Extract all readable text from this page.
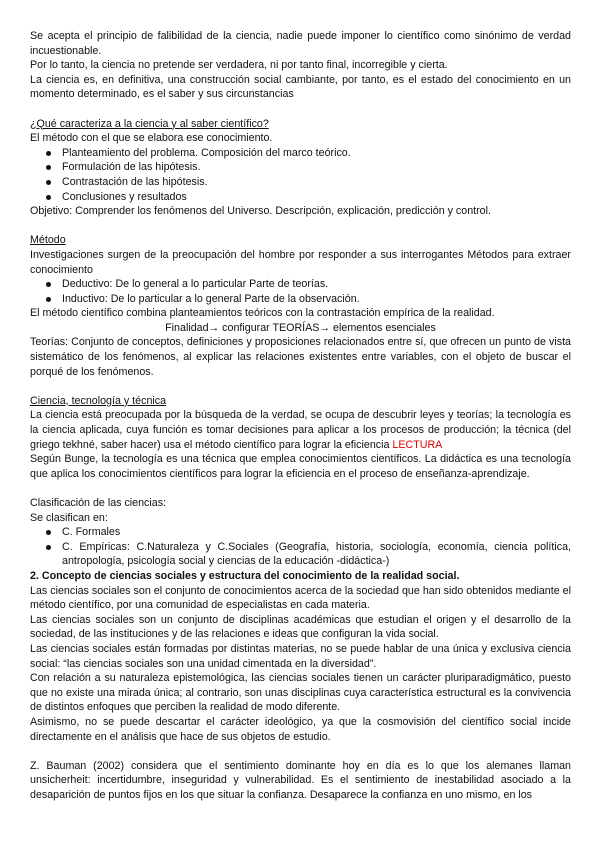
Se acepta el principio de falibilidad de la ciencia, nadie puede imponer lo científico como sinónimo de verdad incuestionable.

Por lo tanto, la ciencia no pretende ser verdadera, ni por tanto final, incorregible y cierta.

La ciencia es, en definitiva, una construcción social cambiante, por tanto, es el estado del conocimiento en un momento determinado, es el saber y sus circunstancias

¿Qué caracteriza a la ciencia y al saber científico?

El método con el que se elabora ese conocimiento.

Planteamiento del problema. Composición del marco teórico.
Formulación de las hipótesis.
Contrastación de las hipótesis.
Conclusiones y resultados

Objetivo: Comprender los fenómenos del Universo. Descripción, explicación, predicción y control.

Método

Investigaciones surgen de la preocupación del hombre por responder a sus interrogantes Métodos para extraer conocimiento

Deductivo: De lo general a lo particular Parte de teorías.
Inductivo: De lo particular a lo general Parte de la observación.

El método científico combina planteamientos teóricos con la contrastación empírica de la realidad.

Finalidad→ configurar TEORÍAS→ elementos esenciales

Teorías: Conjunto de conceptos, definiciones y proposiciones relacionados entre sí, que ofrecen un punto de vista sistemático de los fenómenos, al explicar las relaciones existentes entre variables, con el objeto de buscar el porqué de los fenómenos.

Ciencia, tecnología y técnica

La ciencia está preocupada por la búsqueda de la verdad, se ocupa de descubrir leyes y teorías; la tecnología es la ciencia aplicada, cuya función es tomar decisiones para aplicar a los procesos de producción; la técnica (del griego tekhné, saber hacer) usa el método científico para lograr la eficiencia LECTURA

Según Bunge, la tecnología es una técnica que emplea conocimientos científicos. La didáctica es una tecnología que aplica los conocimientos científicos para lograr la eficiencia en el proceso de enseñanza-aprendizaje.

Clasificación de las ciencias:

Se clasifican en:

C. Formales
C. Empíricas: C.Naturaleza y C.Sociales (Geografía, historia, sociología, economía, ciencia política, antropología, psicología social y ciencias de la educación -didáctica-)

2. Concepto de ciencias sociales y estructura del conocimiento de la realidad social.

Las ciencias sociales son el conjunto de conocimientos acerca de la sociedad que han sido obtenidos mediante el método científico, por una comunidad de especialistas en cada materia.

Las ciencias sociales son un conjunto de disciplinas académicas que estudian el origen y el desarrollo de la sociedad, de las instituciones y de las relaciones e ideas que configuran la vida social.

Las ciencias sociales están formadas por distintas materias, no se puede hablar de una única y exclusiva ciencia social: “las ciencias sociales son una unidad cimentada en la diversidad”.

Con relación a su naturaleza epistemológica, las ciencias sociales tienen un carácter pluriparadigmático, puesto que no existe una mirada única; al contrario, son unas disciplinas cuya característica estructural es la convivencia de distintos enfoques que perciben la realidad de modo diferente.

Asimismo, no se puede descartar el carácter ideológico, ya que la cosmovisión del científico social incide directamente en el análisis que hace de sus objetos de estudio.

Z. Bauman (2002) considera que el sentimiento dominante hoy en día es lo que los alemanes llaman unsicherheit: incertidumbre, inseguridad y vulnerabilidad. Es el sentimiento de inestabilidad asociado a la desaparición de puntos fijos en los que situar la confianza. Desaparece la confianza en uno mismo, en los
